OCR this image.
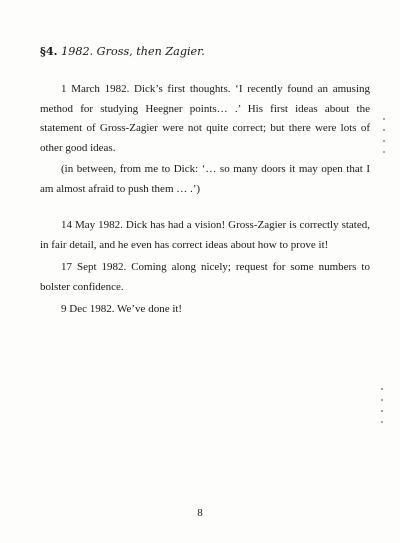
§4. 1982. Gross, then Zagier.

1 March 1982. Dick’s first thoughts. ‘I recently found an amusing method for studying Heegner points… .’ His first ideas about the statement of Gross-Zagier were not quite correct; but there were lots of other good ideas.

(in between, from me to Dick: ‘… so many doors it may open that I am almost afraid to push them … .’)

14 May 1982. Dick has had a vision! Gross-Zagier is correctly stated, in fair detail, and he even has correct ideas about how to prove it!

17 Sept 1982. Coming along nicely; request for some numbers to bolster confidence.

9 Dec 1982. We’ve done it!

8
